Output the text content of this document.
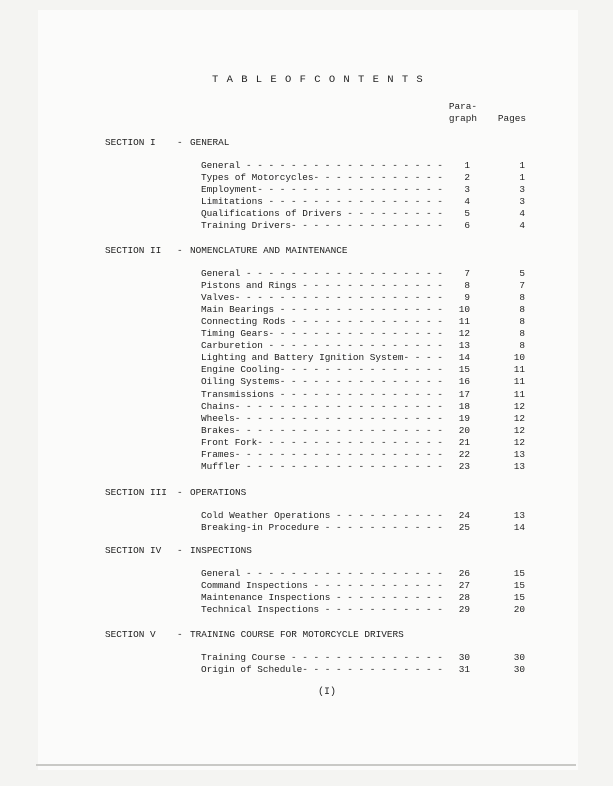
T A B L E O F C O N T E N T S
Para-
graph	Pages
SECTION I - GENERAL
General - - - - - - - - - - - - - - - - - -	1	1
Types of Motorcycles- - - - - - - - - - - -	2	1
Employment- - - - - - - - - - - - - - - - -	3	3
Limitations - - - - - - - - - - - - - - - -	4	3
Qualifications of Drivers - - - - - - - - -	5	4
Training Drivers- - - - - - - - - - - - - -	6	4
SECTION II - NOMENCLATURE AND MAINTENANCE
General - - - - - - - - - - - - - - - - - -	7	5
Pistons and Rings - - - - - - - - - - - - -	8	7
Valves- - - - - - - - - - - - - - - - - - -	9	8
Main Bearings - - - - - - - - - - - - - - -	10	8
Connecting Rods - - - - - - - - - - - - - -	11	8
Timing Gears- - - - - - - - - - - - - - - -	12	8
Carburetion - - - - - - - - - - - - - - - -	13	8
Lighting and Battery Ignition System- - - -	14	10
Engine Cooling- - - - - - - - - - - - - - -	15	11
Oiling Systems- - - - - - - - - - - - - - -	16	11
Transmissions - - - - - - - - - - - - - - -	17	11
Chains- - - - - - - - - - - - - - - - - - -	18	12
Wheels- - - - - - - - - - - - - - - - - - -	19	12
Brakes- - - - - - - - - - - - - - - - - - -	20	12
Front Fork- - - - - - - - - - - - - - - - -	21	12
Frames- - - - - - - - - - - - - - - - - - -	22	13
Muffler - - - - - - - - - - - - - - - - - -	23	13
SECTION III - OPERATIONS
Cold Weather Operations - - - - - - - - - -	24	13
Breaking-in Procedure - - - - - - - - - - -	25	14
SECTION IV - INSPECTIONS
General - - - - - - - - - - - - - - - - - -	26	15
Command Inspections - - - - - - - - - - - -	27	15
Maintenance Inspections - - - - - - - - - -	28	15
Technical Inspections - - - - - - - - - - -	29	20
SECTION V - TRAINING COURSE FOR MOTORCYCLE DRIVERS
Training Course - - - - - - - - - - - - - -	30	30
Origin of Schedule- - - - - - - - - - - - -	31	30
(I)
